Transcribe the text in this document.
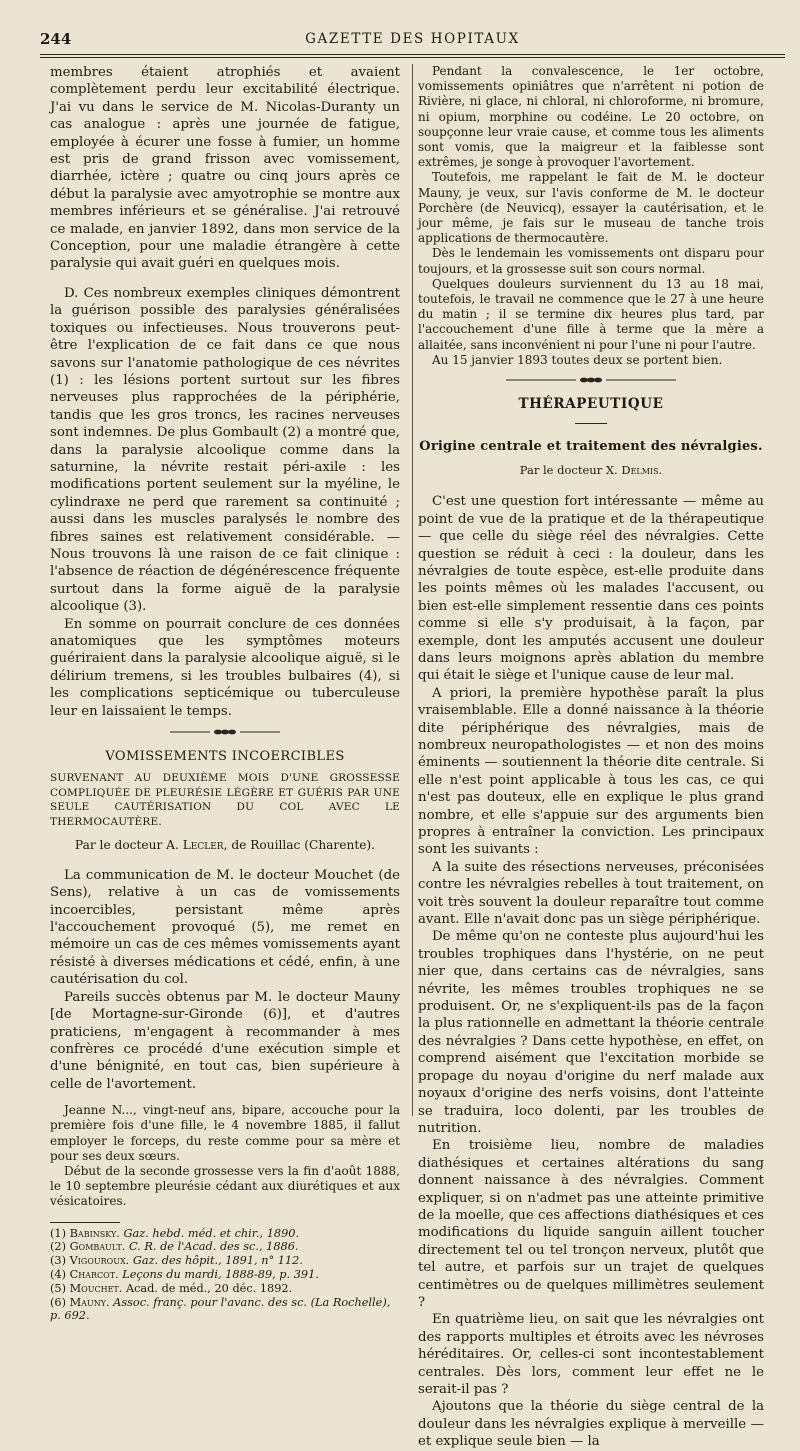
244	GAZETTE DES HOPITAUX

membres étaient atrophiés et avaient complètement perdu leur excitabilité électrique. J'ai vu dans le service de M. Nicolas-Duranty un cas analogue : après une journée de fatigue, employée à écurer une fosse à fumier, un homme est pris de grand frisson avec vomissement, diarrhée, ictère ; quatre ou cinq jours après ce début la paralysie avec amyotrophie se montre aux membres inférieurs et se généralise. J'ai retrouvé ce malade, en janvier 1892, dans mon service de la Conception, pour une maladie étrangère à cette paralysie qui avait guéri en quelques mois.

D. Ces nombreux exemples cliniques démontrent la guérison possible des paralysies généralisées toxiques ou infectieuses. Nous trouverons peut-être l'explication de ce fait dans ce que nous savons sur l'anatomie pathologique de ces névrites (1) : les lésions portent surtout sur les fibres nerveuses plus rapprochées de la périphérie, tandis que les gros troncs, les racines nerveuses sont indemnes. De plus Gombault (2) a montré que, dans la paralysie alcoolique comme dans la saturnine, la névrite restait péri-axile : les modifications portent seulement sur la myéline, le cylindraxe ne perd que rarement sa continuité ; aussi dans les muscles paralysés le nombre des fibres saines est relativement considérable. — Nous trouvons là une raison de ce fait clinique : l'absence de réaction de dégénérescence fréquente surtout dans la forme aiguë de la paralysie alcoolique (3).

En somme on pourrait conclure de ces données anatomiques que les symptômes moteurs guériraient dans la paralysie alcoolique aiguë, si le délirium tremens, si les troubles bulbaires (4), si les complications septicémique ou tuberculeuse leur en laissaient le temps.

VOMISSEMENTS INCOERCIBLES

SURVENANT AU DEUXIÈME MOIS D'UNE GROSSESSE COMPLIQUÉE DE PLEURÉSIE LÉGÈRE ET GUÉRIS PAR UNE SEULE CAUTÉRISATION DU COL AVEC LE THERMOCAUTÈRE.

Par le docteur A. Lecler, de Rouillac (Charente).

La communication de M. le docteur Mouchet (de Sens), relative à un cas de vomissements incoercibles, persistant même après l'accouchement provoqué (5), me remet en mémoire un cas de ces mêmes vomissements ayant résisté à diverses médications et cédé, enfin, à une cautérisation du col.

Pareils succès obtenus par M. le docteur Mauny [de Mortagne-sur-Gironde (6)], et d'autres praticiens, m'engagent à recommander à mes confrères ce procédé d'une exécution simple et d'une bénignité, en tout cas, bien supérieure à celle de l'avortement.

Jeanne N..., vingt-neuf ans, bipare, accouche pour la première fois d'une fille, le 4 novembre 1885, il fallut employer le forceps, du reste comme pour sa mère et pour ses deux sœurs.

Début de la seconde grossesse vers la fin d'août 1888, le 10 septembre pleurésie cédant aux diurétiques et aux vésicatoires.

(1) Babinsky. Gaz. hebd. méd. et chir., 1890.

(2) Gombault. C. R. de l'Acad. des sc., 1886.

(3) Vigouroux. Gaz. des hôpit., 1891, n° 112.

(4) Charcot. Leçons du mardi, 1888-89, p. 391.

(5) Mouchet. Acad. de méd., 20 déc. 1892.

(6) Mauny. Assoc. franç. pour l'avanc. des sc. (La Rochelle), p. 692.

Pendant la convalescence, le 1er octobre, vomissements opiniâtres que n'arrêtent ni potion de Rivière, ni glace, ni chloral, ni chloroforme, ni bromure, ni opium, morphine ou codéine. Le 20 octobre, on soupçonne leur vraie cause, et comme tous les aliments sont vomis, que la maigreur et la faiblesse sont extrêmes, je songe à provoquer l'avortement.

Toutefois, me rappelant le fait de M. le docteur Mauny, je veux, sur l'avis conforme de M. le docteur Porchère (de Neuvicq), essayer la cautérisation, et le jour même, je fais sur le museau de tanche trois applications de thermocautère.

Dès le lendemain les vomissements ont disparu pour toujours, et la grossesse suit son cours normal.

Quelques douleurs surviennent du 13 au 18 mai, toutefois, le travail ne commence que le 27 à une heure du matin ; il se termine dix heures plus tard, par l'accouchement d'une fille à terme que la mère a allaitée, sans inconvénient ni pour l'une ni pour l'autre.

Au 15 janvier 1893 toutes deux se portent bien.

THÉRAPEUTIQUE

Origine centrale et traitement des névralgies.

Par le docteur X. Delmis.

C'est une question fort intéressante — même au point de vue de la pratique et de la thérapeutique — que celle du siège réel des névralgies. Cette question se réduit à ceci : la douleur, dans les névralgies de toute espèce, est-elle produite dans les points mêmes où les malades l'accusent, ou bien est-elle simplement ressentie dans ces points comme si elle s'y produisait, à la façon, par exemple, dont les amputés accusent une douleur dans leurs moignons après ablation du membre qui était le siège et l'unique cause de leur mal.

A priori, la première hypothèse paraît la plus vraisemblable. Elle a donné naissance à la théorie dite périphérique des névralgies, mais de nombreux neuropathologistes — et non des moins éminents — soutiennent la théorie dite centrale. Si elle n'est point applicable à tous les cas, ce qui n'est pas douteux, elle en explique le plus grand nombre, et elle s'appuie sur des arguments bien propres à entraîner la conviction. Les principaux sont les suivants :

A la suite des résections nerveuses, préconisées contre les névralgies rebelles à tout traitement, on voit très souvent la douleur reparaître tout comme avant. Elle n'avait donc pas un siège périphérique.

De même qu'on ne conteste plus aujourd'hui les troubles trophiques dans l'hystérie, on ne peut nier que, dans certains cas de névralgies, sans névrite, les mêmes troubles trophiques ne se produisent. Or, ne s'expliquent-ils pas de la façon la plus rationnelle en admettant la théorie centrale des névralgies ? Dans cette hypothèse, en effet, on comprend aisément que l'excitation morbide se propage du noyau d'origine du nerf malade aux noyaux d'origine des nerfs voisins, dont l'atteinte se traduira, loco dolenti, par les troubles de nutrition.

En troisième lieu, nombre de maladies diathésiques et certaines altérations du sang donnent naissance à des névralgies. Comment expliquer, si on n'admet pas une atteinte primitive de la moelle, que ces affections diathésiques et ces modifications du liquide sanguin aillent toucher directement tel ou tel tronçon nerveux, plutôt que tel autre, et parfois sur un trajet de quelques centimètres ou de quelques millimètres seulement ?

En quatrième lieu, on sait que les névralgies ont des rapports multiples et étroits avec les névroses héréditaires. Or, celles-ci sont incontestablement centrales. Dès lors, comment leur effet ne le serait-il pas ?

Ajoutons que la théorie du siège central de la douleur dans les névralgies explique à merveille — et explique seule bien — la
